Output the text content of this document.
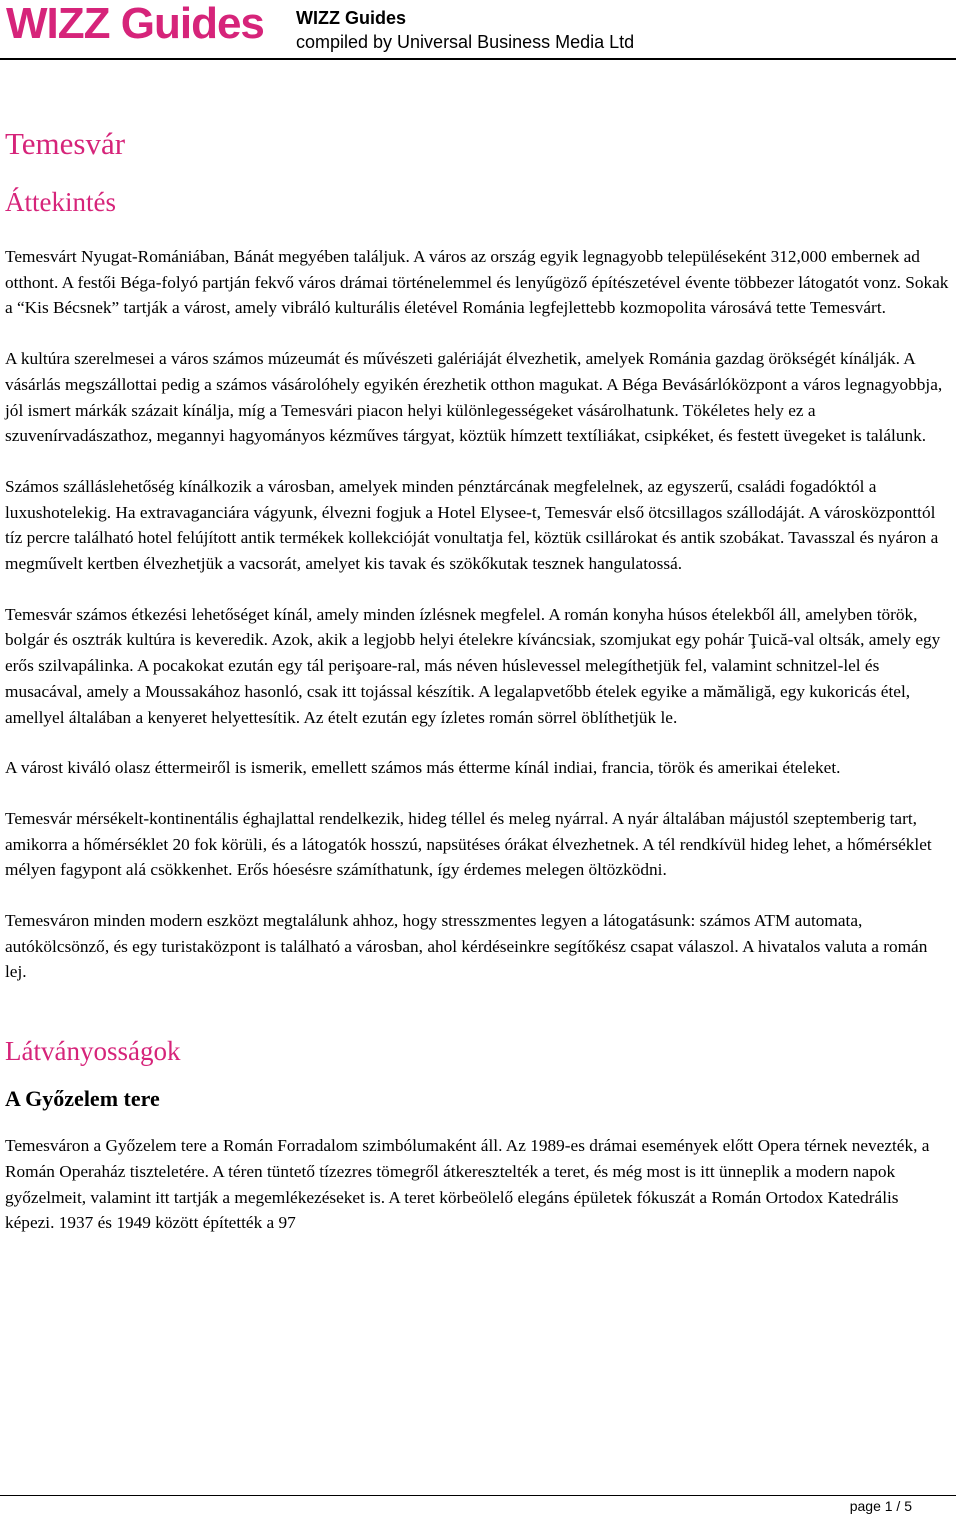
WIZZ Guides WIZZ Guides
compiled by Universal Business Media Ltd
Temesvár
Áttekintés

Temesvárt Nyugat-Romániában, Bánát megyében találjuk. A város az ország egyik legnagyobb településeként 312,000 embernek ad otthont. A festői Béga-folyó partján fekvő város drámai történelemmel és lenyűgöző építészetével évente többezer látogatót vonz. Sokak a “Kis Bécsnek” tartják a várost, amely vibráló kulturális életével Románia legfejlettebb kozmopolita városává tette Temesvárt.

A kultúra szerelmesei a város számos múzeumát és művészeti galériáját élvezhetik, amelyek Románia gazdag örökségét kínálják. A vásárlás megszállottai pedig a számos vásárolóhely egyikén érezhetik otthon magukat. A Béga Bevásárlóközpont a város legnagyobbja, jól ismert márkák százait kínálja, míg a Temesvári piacon helyi különlegességeket vásárolhatunk. Tökéletes hely ez a szuvenírvadászathoz, megannyi hagyományos kézműves tárgyat, köztük hímzett textíliákat, csipkéket, és festett üvegeket is találunk.

Számos szálláslehetőség kínálkozik a városban, amelyek minden pénztárcának megfelelnek, az egyszerű, családi fogadóktól a luxushotelekig. Ha extravaganciára vágyunk, élvezni fogjuk a Hotel Elysee-t, Temesvár első ötcsillagos szállodáját. A városközponttól tíz percre található hotel felújított antik termékek kollekcióját vonultatja fel, köztük csillárokat és antik szobákat. Tavasszal és nyáron a megművelt kertben élvezhetjük a vacsorát, amelyet kis tavak és szökőkutak tesznek hangulatossá.

Temesvár számos étkezési lehetőséget kínál, amely minden ízlésnek megfelel. A román konyha húsos ételekből áll, amelyben török, bolgár és osztrák kultúra is keveredik. Azok, akik a legjobb helyi ételekre kíváncsiak, szomjukat egy pohár Ţuică-val oltsák, amely egy erős szilvapálinka. A pocakokat ezután egy tál perişoare-ral, más néven húslevessel melegíthetjük fel, valamint schnitzel-lel és musacával, amely a Moussakához hasonló, csak itt tojással készítik. A legalapvetőbb ételek egyike a mămăligă, egy kukoricás étel, amellyel általában a kenyeret helyettesítik. Az ételt ezután egy ízletes román sörrel öblíthetjük le.

A várost kiváló olasz éttermeiről is ismerik, emellett számos más étterme kínál indiai, francia, török és amerikai ételeket.

Temesvár mérsékelt-kontinentális éghajlattal rendelkezik, hideg téllel és meleg nyárral. A nyár általában májustól szeptemberig tart, amikorra a hőmérséklet 20 fok körüli, és a látogatók hosszú, napsütéses órákat élvezhetnek. A tél rendkívül hideg lehet, a hőmérséklet mélyen fagypont alá csökkenhet. Erős hóesésre számíthatunk, így érdemes melegen öltözködni.

Temesváron minden modern eszközt megtalálunk ahhoz, hogy stresszmentes legyen a látogatásunk: számos ATM automata, autókölcsönző, és egy turistaközpont is található a városban, ahol kérdéseinkre segítőkész csapat válaszol. A hivatalos valuta a román lej.

Látványosságok
A Győzelem tere

Temesváron a Győzelem tere a Román Forradalom szimbólumaként áll. Az 1989-es drámai események előtt Opera térnek nevezték, a Román Operaház tiszteletére. A téren tüntető tízezres tömegről átkeresztelték a teret, és még most is itt ünneplik a modern napok győzelmeit, valamint itt tartják a megemlékezéseket is. A teret körbeölelő elegáns épületek fókuszát a Román Ortodox Katedrális képezi. 1937 és 1949 között építették a 97

page 1 / 5
